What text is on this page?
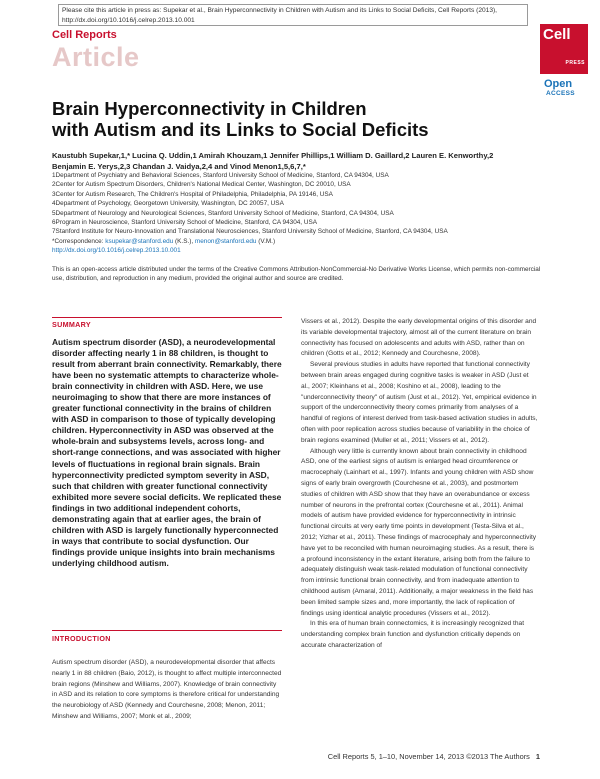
Please cite this article in press as: Supekar et al., Brain Hyperconnectivity in Children with Autism and its Links to Social Deficits, Cell Reports (2013),
http://dx.doi.org/10.1016/j.celrep.2013.10.001
Cell Reports
Article
Cell
PRESS
Open
ACCESS
Brain Hyperconnectivity in Children
with Autism and its Links to Social Deficits
Kaustubh Supekar,1,* Lucina Q. Uddin,1 Amirah Khouzam,1 Jennifer Phillips,1 William D. Gaillard,2 Lauren E. Kenworthy,2
Benjamin E. Yerys,2,3 Chandan J. Vaidya,2,4 and Vinod Menon1,5,6,7,*
1Department of Psychiatry and Behavioral Sciences, Stanford University School of Medicine, Stanford, CA 94304, USA
2Center for Autism Spectrum Disorders, Children's National Medical Center, Washington, DC 20010, USA
3Center for Autism Research, The Children's Hospital of Philadelphia, Philadelphia, PA 19146, USA
4Department of Psychology, Georgetown University, Washington, DC 20057, USA
5Department of Neurology and Neurological Sciences, Stanford University School of Medicine, Stanford, CA 94304, USA
6Program in Neuroscience, Stanford University School of Medicine, Stanford, CA 94304, USA
7Stanford Institute for Neuro-Innovation and Translational Neurosciences, Stanford University School of Medicine, Stanford, CA 94304, USA
*Correspondence: ksupekar@stanford.edu (K.S.), menon@stanford.edu (V.M.)
http://dx.doi.org/10.1016/j.celrep.2013.10.001
This is an open-access article distributed under the terms of the Creative Commons Attribution-NonCommercial-No Derivative Works License, which permits non-commercial use, distribution, and reproduction in any medium, provided the original author and source are credited.
SUMMARY
Autism spectrum disorder (ASD), a neurodevelopmental disorder affecting nearly 1 in 88 children, is thought to result from aberrant brain connectivity. Remarkably, there have been no systematic attempts to characterize whole-brain connectivity in children with ASD. Here, we use neuroimaging to show that there are more instances of greater functional connectivity in the brains of children with ASD in comparison to those of typically developing children. Hyperconnectivity in ASD was observed at the whole-brain and subsystems levels, across long- and short-range connections, and was associated with higher levels of fluctuations in regional brain signals. Brain hyperconnectivity predicted symptom severity in ASD, such that children with greater functional connectivity exhibited more severe social deficits. We replicated these findings in two additional independent cohorts, demonstrating again that at earlier ages, the brain of children with ASD is largely functionally hyperconnected in ways that contribute to social dysfunction. Our findings provide unique insights into brain mechanisms underlying childhood autism.
INTRODUCTION
Autism spectrum disorder (ASD), a neurodevelopmental disorder that affects nearly 1 in 88 children (Baio, 2012), is thought to affect multiple interconnected brain regions (Minshew and Williams, 2007). Knowledge of brain connectivity in ASD and its relation to core symptoms is therefore critical for understanding the neurobiology of ASD (Kennedy and Courchesne, 2008; Menon, 2011; Minshew and Williams, 2007; Monk et al., 2009;

Vissers et al., 2012). Despite the early developmental origins of this disorder and its variable developmental trajectory, almost all of the current literature on brain connectivity has focused on adolescents and adults with ASD, rather than on children (Gotts et al., 2012; Kennedy and Courchesne, 2008).

Several previous studies in adults have reported that functional connectivity between brain areas engaged during cognitive tasks is weaker in ASD (Just et al., 2007; Kleinhans et al., 2008; Koshino et al., 2008), leading to the "underconnectivity theory" of autism (Just et al., 2012). Yet, empirical evidence in support of the underconnectivity theory comes primarily from analyses of a handful of regions of interest derived from task-based activation studies in adults, often with poor replication across studies because of variability in the choice of brain regions examined (Muller et al., 2011; Vissers et al., 2012).

Although very little is currently known about brain connectivity in childhood ASD, one of the earliest signs of autism is enlarged head circumference or macrocephaly (Lainhart et al., 1997). Infants and young children with ASD show signs of early brain overgrowth (Courchesne et al., 2003), and postmortem studies of children with ASD show that they have an overabundance or excess number of neurons in the prefrontal cortex (Courchesne et al., 2011). Animal models of autism have provided evidence for hyperconnectivity in intrinsic functional circuits at very early time points in development (Testa-Silva et al., 2012; Yizhar et al., 2011). These findings of macrocephaly and hyperconnectivity have yet to be reconciled with human neuroimaging studies. As a result, there is a profound inconsistency in the extant literature, arising both from the failure to adequately distinguish weak task-related modulation of functional connectivity from intrinsic functional brain connectivity, and from inadequate attention to childhood autism (Amaral, 2011). Additionally, a major weakness in the field has been limited sample sizes and, more importantly, the lack of replication of findings using identical analytic procedures (Vissers et al., 2012).

In this era of human brain connectomics, it is increasingly recognized that understanding complex brain function and dysfunction critically depends on accurate characterization of

Cell Reports 5, 1–10, November 14, 2013 ©2013 The Authors 1
